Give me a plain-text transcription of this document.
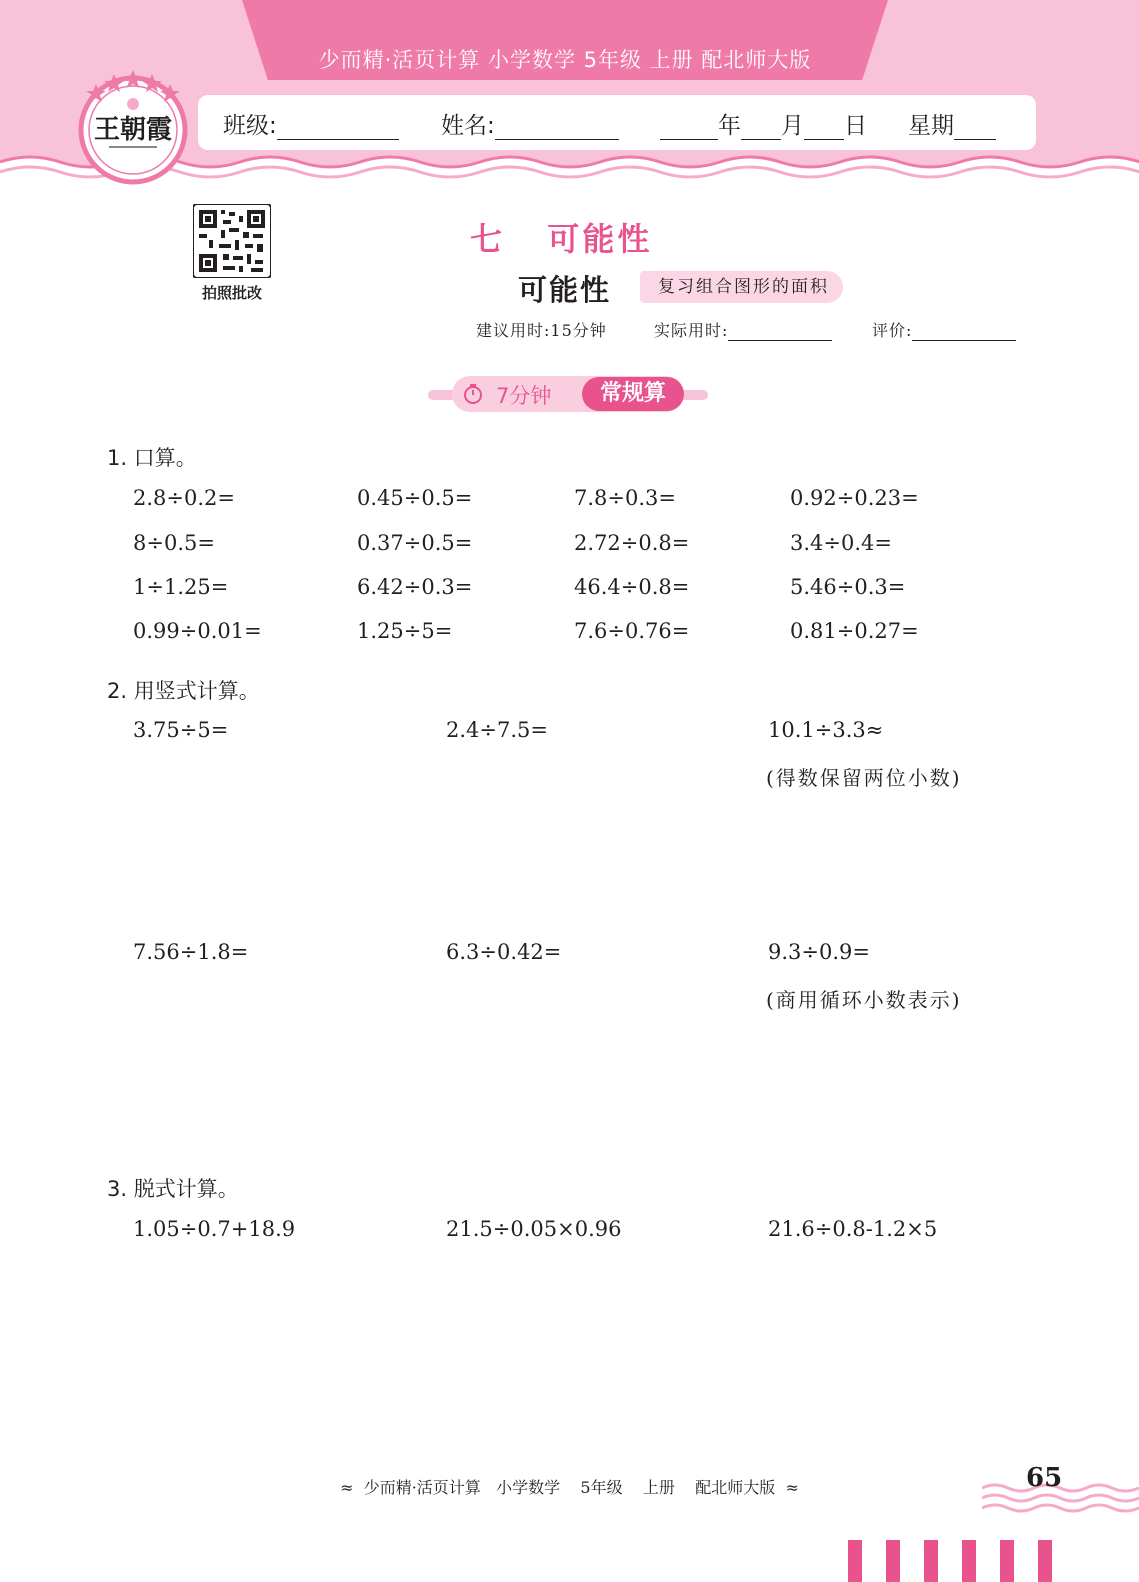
少而精·活页计算 小学数学 5年级 上册 配北师大版
王朝霞 班级:	姓名:	年 月 日 星期
拍照批改
七   可能性
可能性	复习组合图形的面积
建议用时:15分钟	实际用时:	评价:
7分钟	常规算
1. 口算。
2.8÷0.2=	0.45÷0.5=	7.8÷0.3=	0.92÷0.23=
8÷0.5=	0.37÷0.5=	2.72÷0.8=	3.4÷0.4=
1÷1.25=	6.42÷0.3=	46.4÷0.8=	5.46÷0.3=
0.99÷0.01=	1.25÷5=	7.6÷0.76=	0.81÷0.27=
2. 用竖式计算。
3.75÷5=	2.4÷7.5=	10.1÷3.3≈
(得数保留两位小数)
7.56÷1.8=	6.3÷0.42=	9.3÷0.9=
(商用循环小数表示)
3. 脱式计算。
1.05÷0.7+18.9	21.5÷0.05×0.96	21.6÷0.8-1.2×5
≈  少而精·活页计算   小学数学    5年级    上册    配北师大版  ≈	65
